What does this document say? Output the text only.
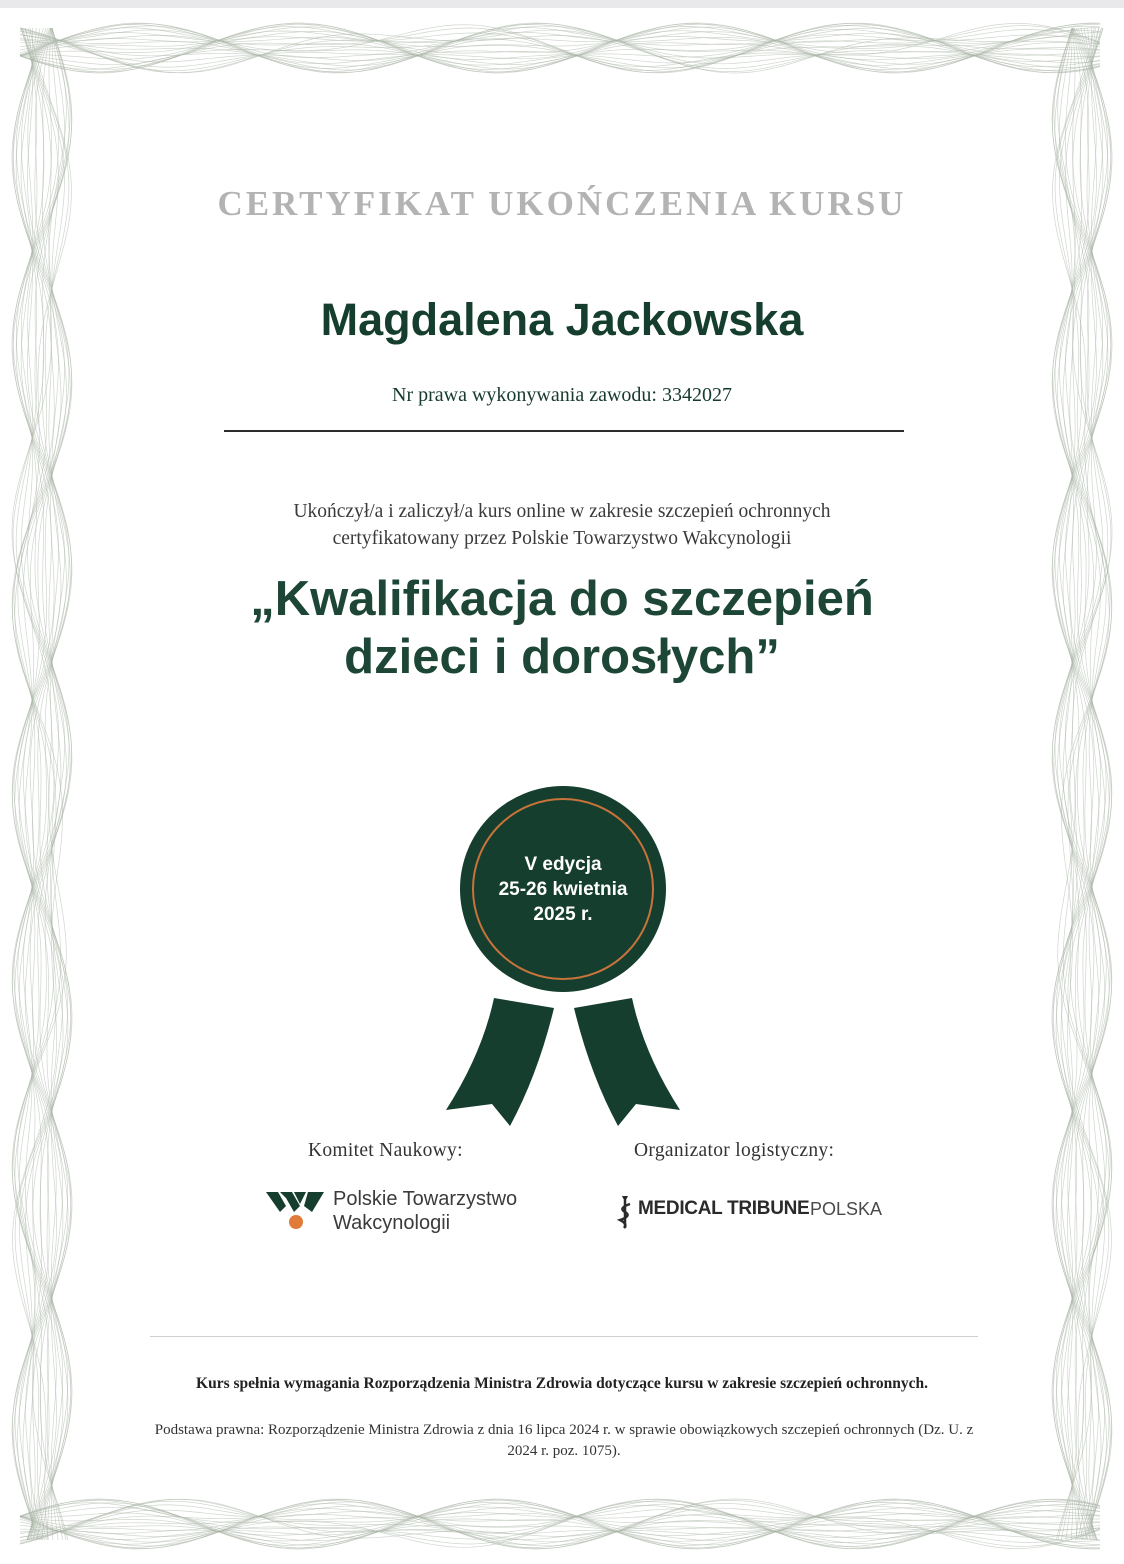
CERTYFIKAT UKOŃCZENIA KURSU
Magdalena Jackowska
Nr prawa wykonywania zawodu: 3342027
Ukończył/a i zaliczył/a kurs online w zakresie szczepień ochronnych
certyfikatowany przez Polskie Towarzystwo Wakcynologii
„Kwalifikacja do szczepień
dzieci i dorosłych”
V edycja
25-26 kwietnia
2025 r.
Komitet Naukowy:	Organizator logistyczny:
Polskie Towarzystwo
Wakcynologii
MEDICAL TRIBUNE POLSKA
Kurs spełnia wymagania Rozporządzenia Ministra Zdrowia dotyczące kursu w zakresie szczepień ochronnych.
Podstawa prawna: Rozporządzenie Ministra Zdrowia z dnia 16 lipca 2024 r. w sprawie obowiązkowych szczepień ochronnych (Dz. U. z 2024 r. poz. 1075).
